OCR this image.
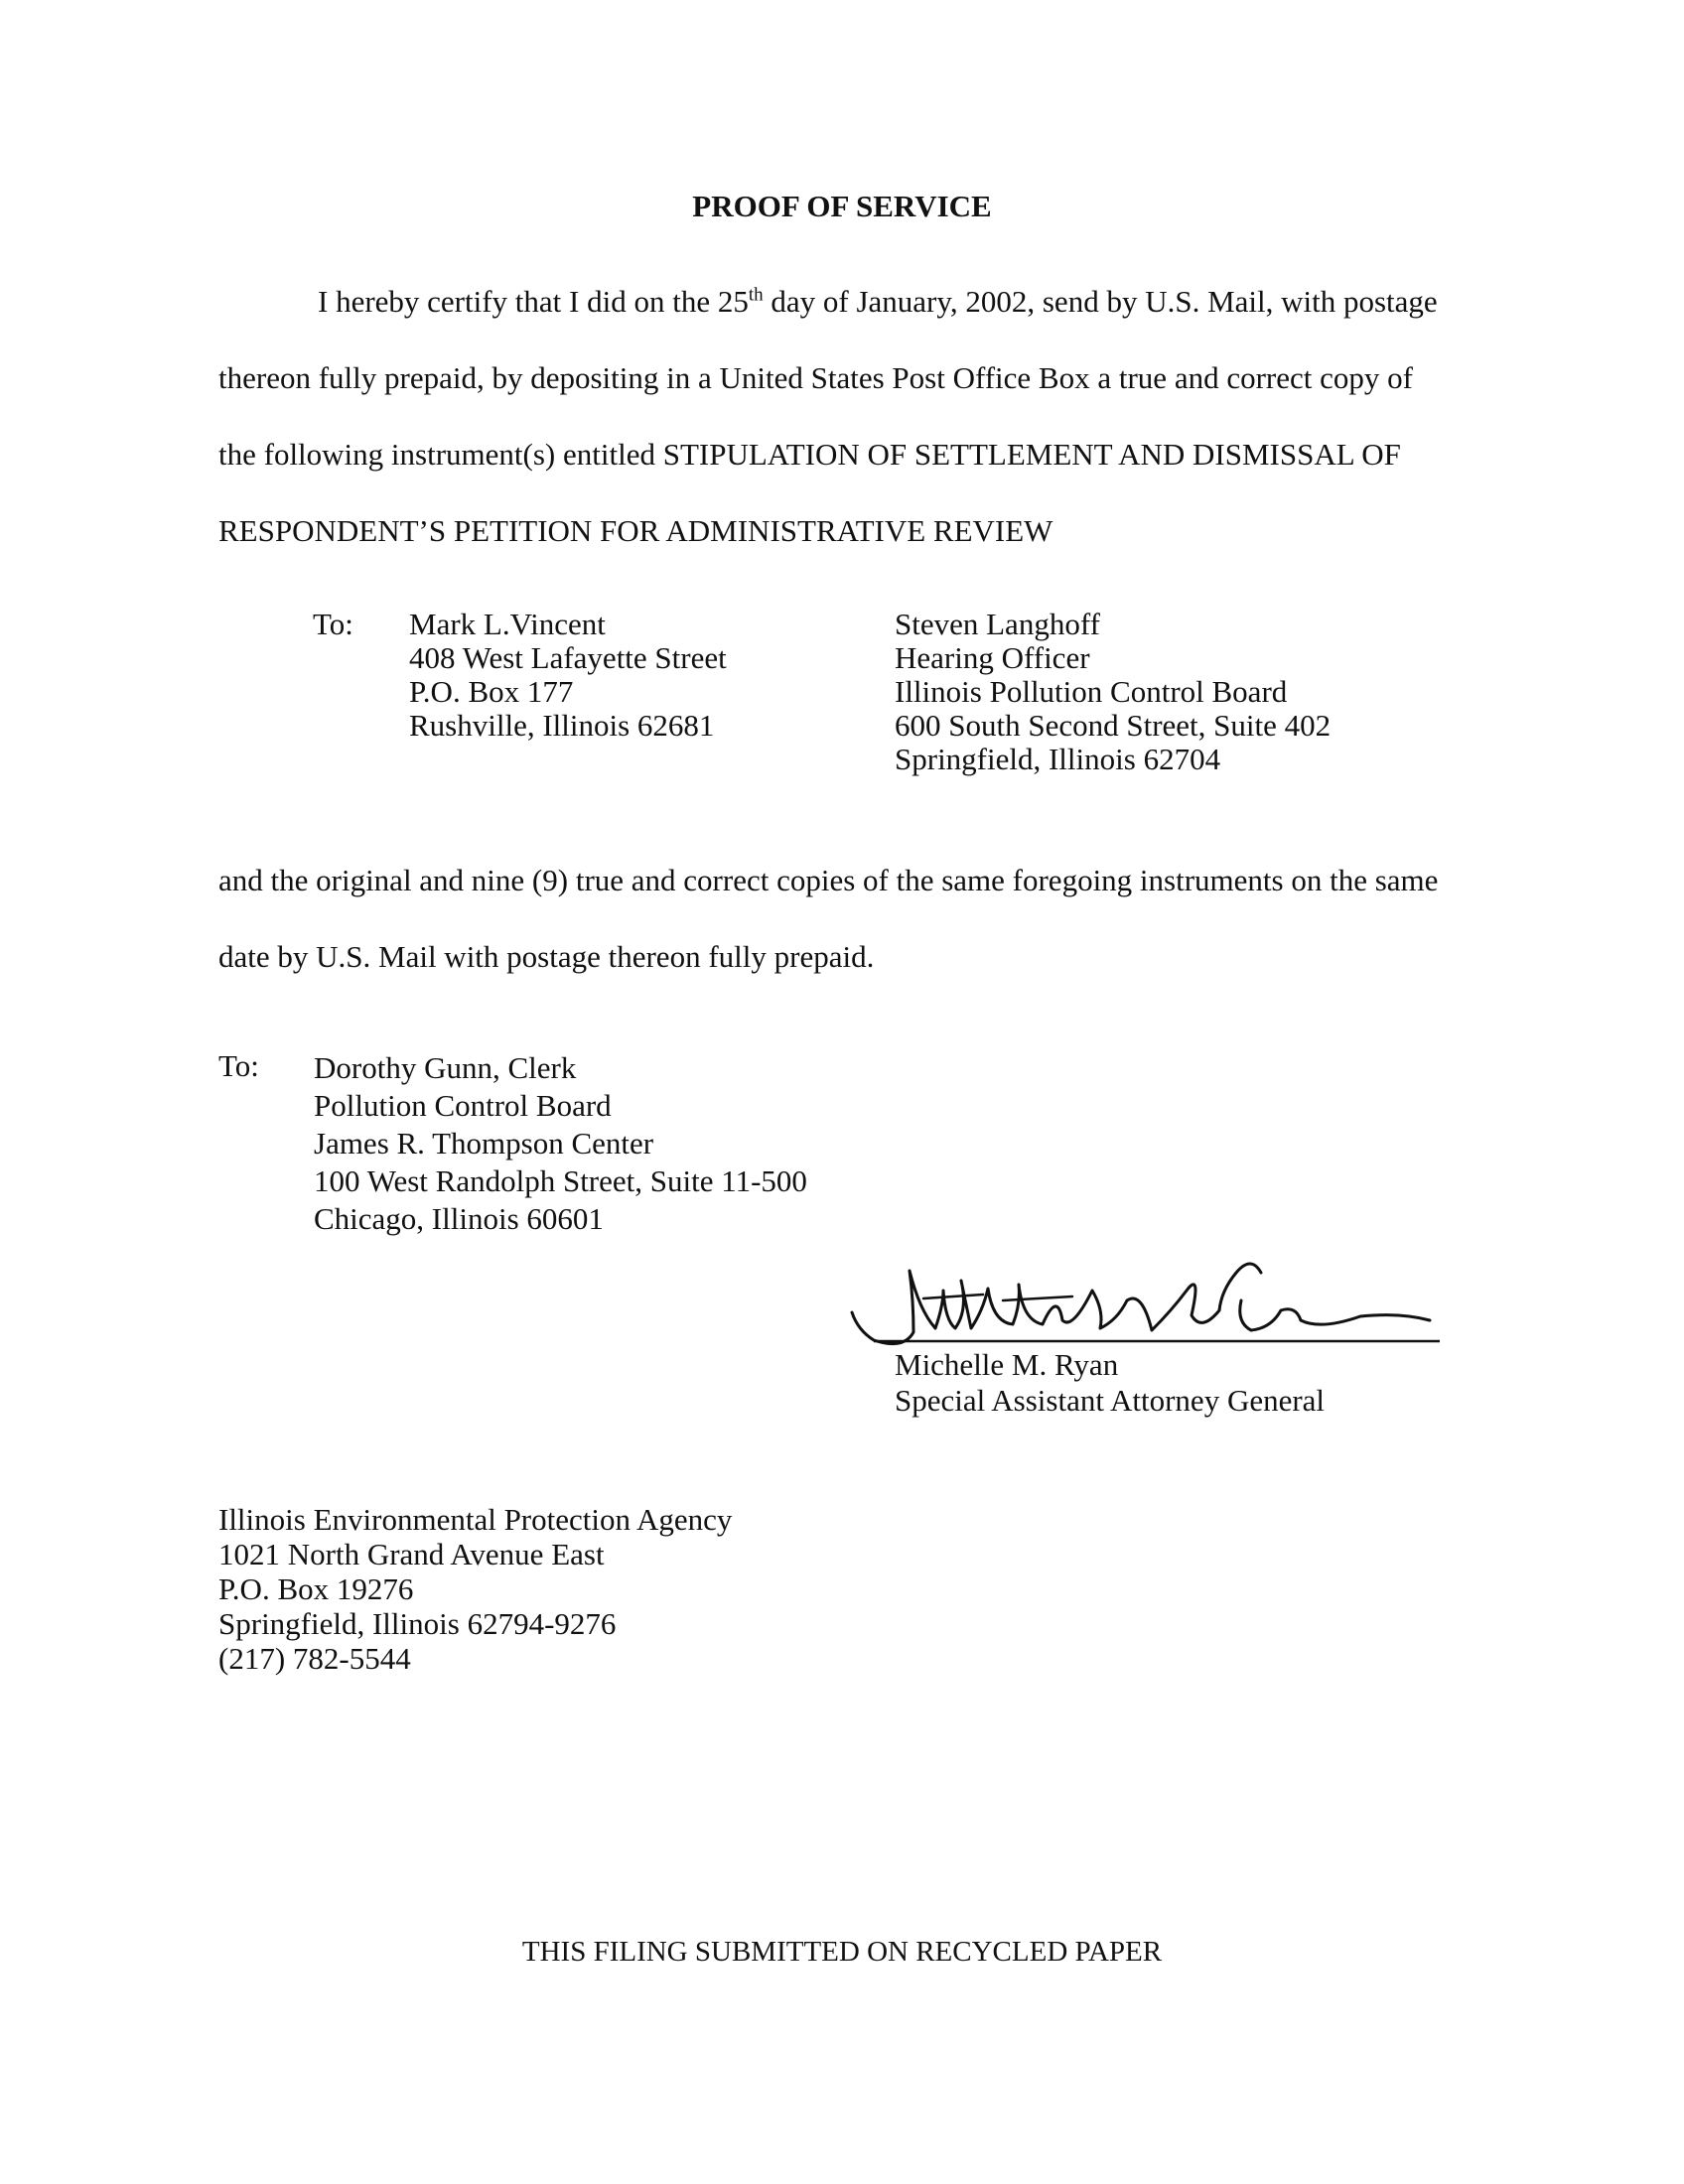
PROOF OF SERVICE
I hereby certify that I did on the 25th day of January, 2002, send by U.S. Mail, with postage
thereon fully prepaid, by depositing in a United States Post Office Box a true and correct copy of
the following instrument(s) entitled STIPULATION OF SETTLEMENT AND DISMISSAL OF
RESPONDENT’S PETITION FOR ADMINISTRATIVE REVIEW
To: Mark L.Vincent
408 West Lafayette Street
P.O. Box 177
Rushville, Illinois 62681
Steven Langhoff
Hearing Officer
Illinois Pollution Control Board
600 South Second Street, Suite 402
Springfield, Illinois 62704
and the original and nine (9) true and correct copies of the same foregoing instruments on the same
date by U.S. Mail with postage thereon fully prepaid.
To: Dorothy Gunn, Clerk
Pollution Control Board
James R. Thompson Center
100 West Randolph Street, Suite 11-500
Chicago, Illinois 60601
Michelle M. Ryan
Special Assistant Attorney General
Illinois Environmental Protection Agency
1021 North Grand Avenue East
P.O. Box 19276
Springfield, Illinois 62794-9276
(217) 782-5544
THIS FILING SUBMITTED ON RECYCLED PAPER
